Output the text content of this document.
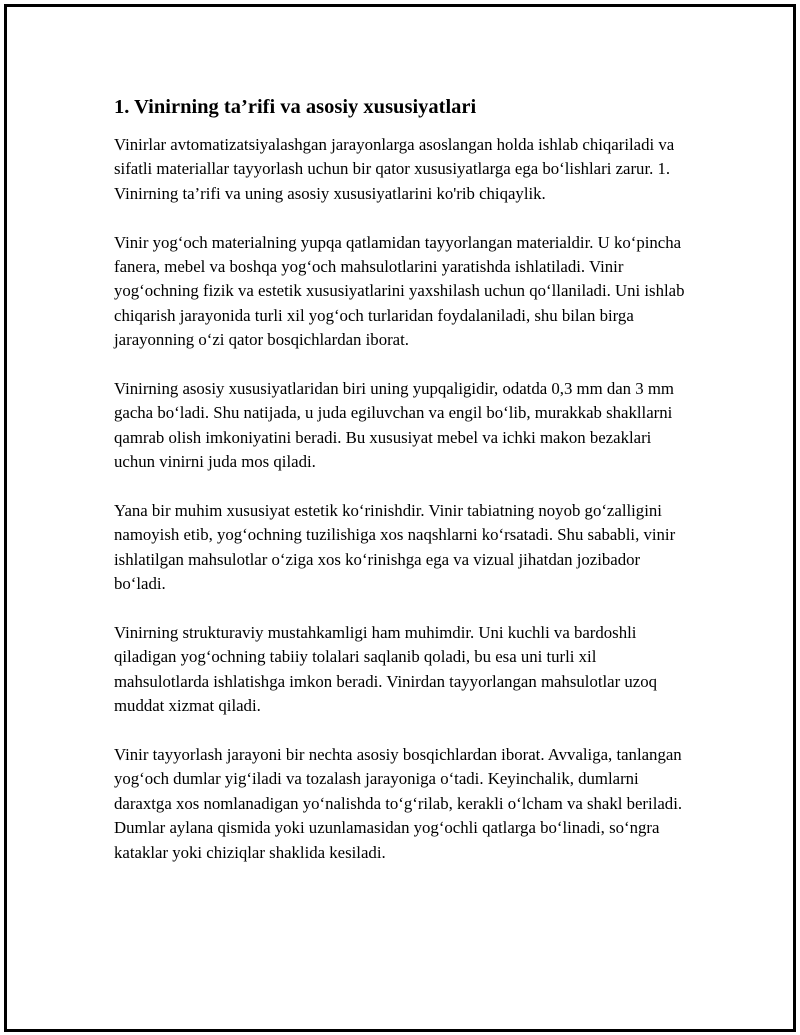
1. Vinirning ta’rifi va asosiy xususiyatlari

Vinirlar avtomatizatsiyalashgan jarayonlarga asoslangan holda ishlab chiqariladi va sifatli materiallar tayyorlash uchun bir qator xususiyatlarga ega bo‘lishlari zarur. 1. Vinirning ta’rifi va uning asosiy xususiyatlarini ko'rib chiqaylik.

Vinir yog‘och materialning yupqa qatlamidan tayyorlangan materialdir. U ko‘pincha fanera, mebel va boshqa yog‘och mahsulotlarini yaratishda ishlatiladi. Vinir yog‘ochning fizik va estetik xususiyatlarini yaxshilash uchun qo‘llaniladi. Uni ishlab chiqarish jarayonida turli xil yog‘och turlaridan foydalaniladi, shu bilan birga jarayonning o‘zi qator bosqichlardan iborat.

Vinirning asosiy xususiyatlaridan biri uning yupqaligidir, odatda 0,3 mm dan 3 mm gacha bo‘ladi. Shu natijada, u juda egiluvchan va engil bo‘lib, murakkab shakllarni qamrab olish imkoniyatini beradi. Bu xususiyat mebel va ichki makon bezaklari uchun vinirni juda mos qiladi.

Yana bir muhim xususiyat estetik ko‘rinishdir. Vinir tabiatning noyob go‘zalligini namoyish etib, yog‘ochning tuzilishiga xos naqshlarni ko‘rsatadi. Shu sababli, vinir ishlatilgan mahsulotlar o‘ziga xos ko‘rinishga ega va vizual jihatdan jozibador bo‘ladi.

Vinirning strukturaviy mustahkamligi ham muhimdir. Uni kuchli va bardoshli qiladigan yog‘ochning tabiiy tolalari saqlanib qoladi, bu esa uni turli xil mahsulotlarda ishlatishga imkon beradi. Vinirdan tayyorlangan mahsulotlar uzoq muddat xizmat qiladi.

Vinir tayyorlash jarayoni bir nechta asosiy bosqichlardan iborat. Avvaliga, tanlangan yog‘och dumlar yig‘iladi va tozalash jarayoniga o‘tadi. Keyinchalik, dumlarni daraxtga xos nomlanadigan yo‘nalishda to‘g‘rilab, kerakli o‘lcham va shakl beriladi. Dumlar aylana qismida yoki uzunlamasidan yog‘ochli qatlarga bo‘linadi, so‘ngra kataklar yoki chiziqlar shaklida kesiladi.
